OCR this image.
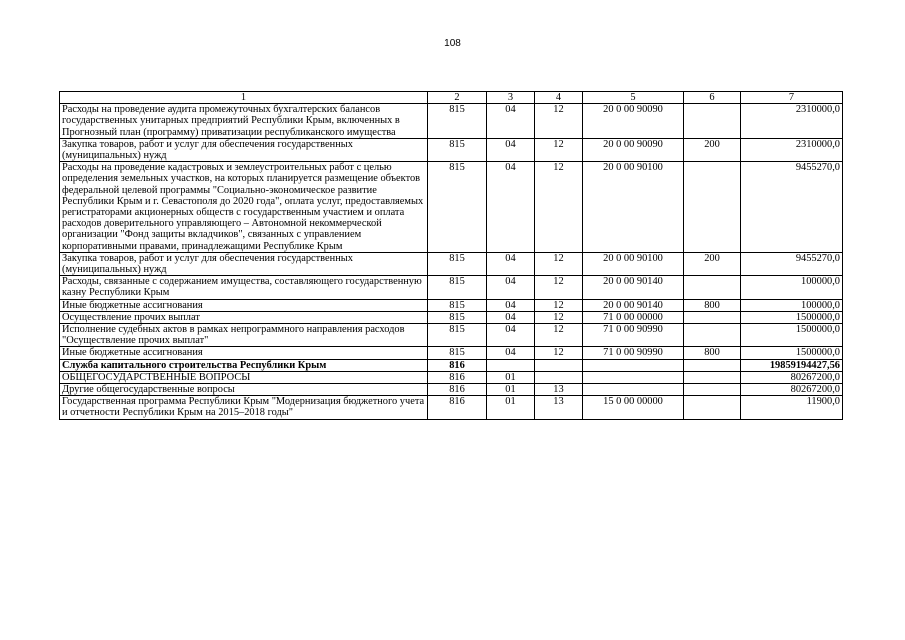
108
1	2	3	4	5	6	7
Расходы на проведение аудита промежуточных бухгалтерских балансов государственных унитарных предприятий Республики Крым, включенных в Прогнозный план (программу) приватизации республиканского имущества	815	04	12	20 0 00 90090		2310000,0
Закупка товаров, работ и услуг для обеспечения государственных (муниципальных) нужд	815	04	12	20 0 00 90090	200	2310000,0
Расходы на проведение кадастровых и землеустроительных работ с целью определения земельных участков, на которых планируется размещение объектов федеральной целевой программы "Социально-экономическое развитие Республики Крым и г. Севастополя до 2020 года", оплата услуг, предоставляемых регистраторами акционерных обществ с государственным участием и оплата расходов доверительного управляющего – Автономной некоммерческой организации "Фонд защиты вкладчиков", связанных с управлением корпоративными правами, принадлежащими Республике Крым	815	04	12	20 0 00 90100		9455270,0
Закупка товаров, работ и услуг для обеспечения государственных (муниципальных) нужд	815	04	12	20 0 00 90100	200	9455270,0
Расходы, связанные с содержанием имущества, составляющего государственную казну Республики Крым	815	04	12	20 0 00 90140		100000,0
Иные бюджетные ассигнования	815	04	12	20 0 00 90140	800	100000,0
Осуществление прочих выплат	815	04	12	71 0 00 00000		1500000,0
Исполнение судебных актов в рамках непрограммного направления расходов "Осуществление прочих выплат"	815	04	12	71 0 00 90990		1500000,0
Иные бюджетные ассигнования	815	04	12	71 0 00 90990	800	1500000,0
Служба капитального строительства Республики Крым	816					19859194427,56
ОБЩЕГОСУДАРСТВЕННЫЕ ВОПРОСЫ	816	01				80267200,0
Другие общегосударственные вопросы	816	01	13			80267200,0
Государственная программа Республики Крым "Модернизация бюджетного учета и отчетности Республики Крым на 2015–2018 годы"	816	01	13	15 0 00 00000		11900,0
